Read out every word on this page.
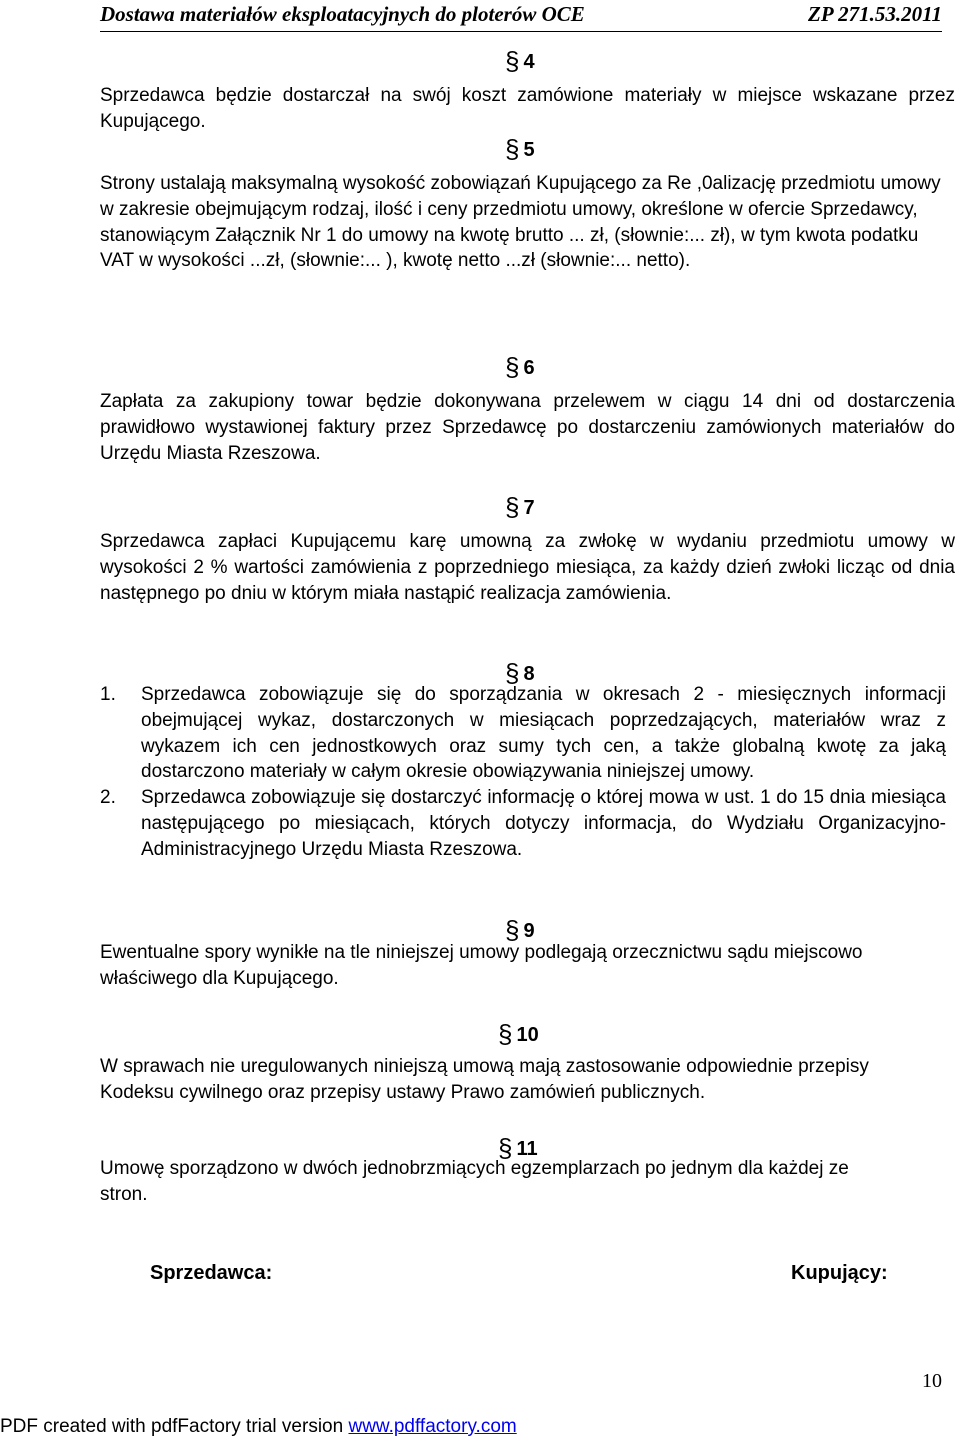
Dostawa materiałów eksploatacyjnych do ploterów OCE	ZP 271.53.2011
§ 4

Sprzedawca będzie dostarczał na swój koszt zamówione materiały w miejsce wskazane przez Kupującego.

§ 5

Strony ustalają maksymalną wysokość zobowiązań Kupującego za Re ,0alizację przedmiotu umowy w zakresie obejmującym rodzaj, ilość i ceny przedmiotu umowy, określone w ofercie Sprzedawcy, stanowiącym Załącznik Nr 1 do umowy na kwotę brutto ... zł, (słownie:... zł), w tym kwota podatku VAT w wysokości ...zł, (słownie:... ), kwotę netto ...zł (słownie:... netto).

§ 6

Zapłata za zakupiony towar będzie dokonywana przelewem w ciągu 14 dni od dostarczenia prawidłowo wystawionej faktury przez Sprzedawcę po dostarczeniu zamówionych materiałów do Urzędu Miasta Rzeszowa.

§ 7

Sprzedawca zapłaci Kupującemu karę umowną za zwłokę w wydaniu przedmiotu umowy w wysokości 2 % wartości zamówienia z poprzedniego miesiąca, za każdy dzień zwłoki licząc od dnia następnego po dniu w którym miała nastąpić realizacja zamówienia.

§ 8
1. Sprzedawca zobowiązuje się do sporządzania w okresach 2 - miesięcznych informacji obejmującej wykaz, dostarczonych w miesiącach poprzedzających, materiałów wraz z wykazem ich cen jednostkowych oraz sumy tych cen, a także globalną kwotę za jaką dostarczono materiały w całym okresie obowiązywania niniejszej umowy.
2. Sprzedawca zobowiązuje się dostarczyć informację o której mowa w ust. 1 do 15 dnia miesiąca następującego po miesiącach, których dotyczy informacja, do Wydziału Organizacyjno-Administracyjnego Urzędu Miasta Rzeszowa.
§ 9

Ewentualne spory wynikłe na tle niniejszej umowy podlegają orzecznictwu sądu miejscowo właściwego dla Kupującego.

§ 10

W sprawach nie uregulowanych niniejszą umową mają zastosowanie odpowiednie przepisy Kodeksu cywilnego oraz przepisy ustawy Prawo zamówień publicznych.

§ 11

Umowę sporządzono w dwóch jednobrzmiących egzemplarzach po jednym dla każdej ze stron.

Sprzedawca:	Kupujący:
10
PDF created with pdfFactory trial version www.pdffactory.com
